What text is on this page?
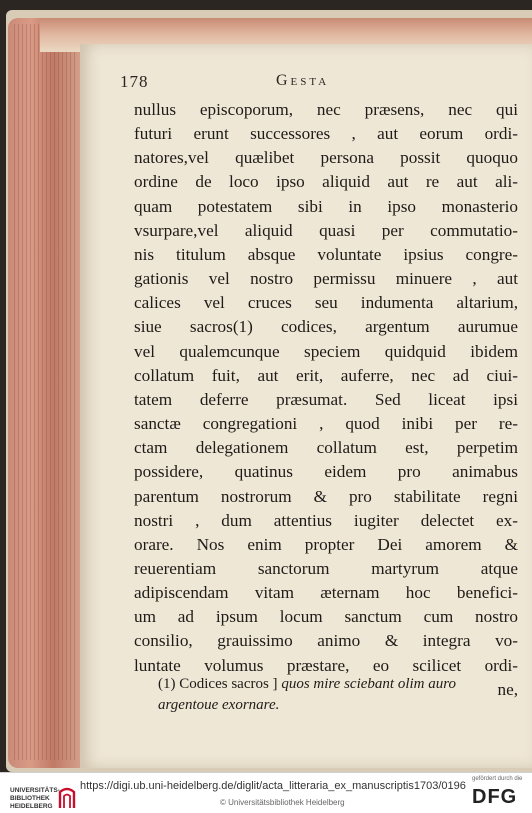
178	Gesta
nullus episcoporum, nec præsens, nec qui
futuri erunt successores , aut eorum ordi-
natores,vel quælibet persona possit quoquo
ordine de loco ipso aliquid aut re aut ali-
quam potestatem sibi in ipso monasterio
vsurpare,vel aliquid quasi per commutatio-
nis titulum absque voluntate ipsius congre-
gationis vel nostro permissu minuere , aut
calices vel cruces seu indumenta altarium,
siue sacros(1) codices, argentum aurumue
vel qualemcunque speciem quidquid ibidem
collatum fuit, aut erit, auferre, nec ad ciui-
tatem deferre præsumat. Sed liceat ipsi
sanctæ congregationi , quod inibi per re-
ctam delegationem collatum est, perpetim
possidere, quatinus eidem pro animabus
parentum nostrorum & pro stabilitate regni
nostri , dum attentius iugiter delectet ex-
orare. Nos enim propter Dei amorem &
reuerentiam sanctorum martyrum atque
adipiscendam vitam æternam hoc benefici-
um ad ipsum locum sanctum cum nostro
consilio, grauissimo animo & integra vo-
luntate volumus præstare, eo scilicet ordi-
ne,
(1) Codices sacros ] quos mire sciebant olim auro argentoue exornare.
UNIVERSITÄTS-BIBLIOTHEK HEIDELBERG
https://digi.ub.uni-heidelberg.de/diglit/acta_litteraria_ex_manuscriptis1703/0196
© Universitätsbibliothek Heidelberg
gefördert durch die
DFG
